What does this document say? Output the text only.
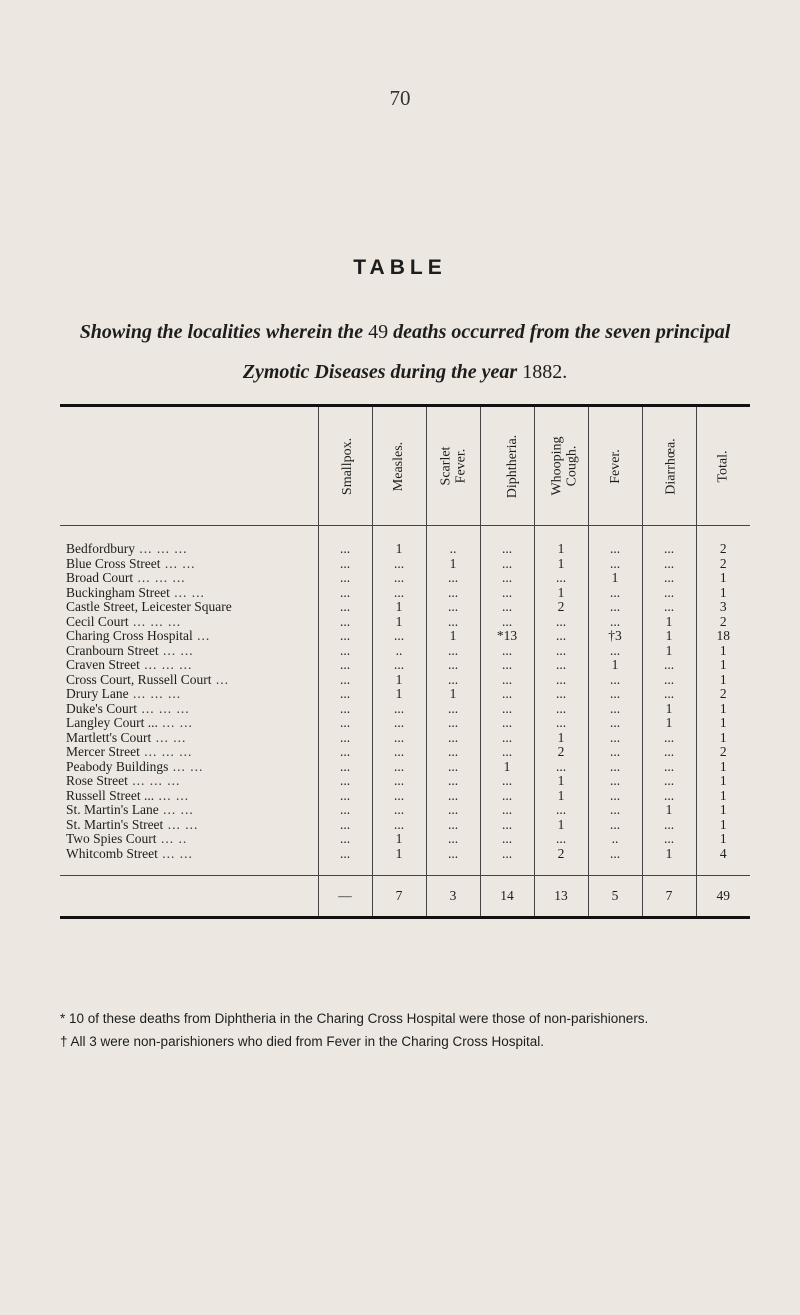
70
TABLE
Showing the localities wherein the 49 deaths occurred from the seven principal Zymotic Diseases during the year 1882.
	Smallpox.	Measles.	Scarlet
Fever.	Diphtheria.	Whooping
Cough.	Fever.	Diarrhœa.	Total.

Bedfordbury ... ... ...	...	1	..	...	1	...	...	2
Blue Cross Street ... ...	...	...	1	...	1	...	...	2
Broad Court ... ... ...	...	...	...	...	...	1	...	1
Buckingham Street ... ...	...	...	...	...	1	...	...	1
Castle Street, Leicester Square	...	1	...	...	2	...	...	3
Cecil Court ... ... ...	...	1	...	...	...	...	1	2
Charing Cross Hospital ...	...	...	1	*13	...	†3	1	18
Cranbourn Street ... ...	...	..	...	...	...	...	1	1
Craven Street ... ... ...	...	...	...	...	...	1	...	1
Cross Court, Russell Court ...	...	1	...	...	...	...	...	1
Drury Lane ... ... ...	...	1	1	...	...	...	...	2
Duke's Court ... ... ...	...	...	...	...	...	...	1	1
Langley Court ... ... ...	...	...	...	...	...	...	1	1
Martlett's Court ... ...	...	...	...	...	1	...	...	1
Mercer Street ... ... ...	...	...	...	...	2	...	...	2
Peabody Buildings ... ...	...	...	...	1	...	...	...	1
Rose Street ... ... ...	...	...	...	...	1	...	...	1
Russell Street ... ... ...	...	...	...	...	1	...	...	1
St. Martin's Lane ... ...	...	...	...	...	...	...	1	1
St. Martin's Street ... ...	...	...	...	...	1	...	...	1
Two Spies Court ... ..	...	1	...	...	...	..	...	1
Whitcomb Street ... ...	...	1	...	...	2	...	1	4

	—	7	3	14	13	5	7	49

* 10 of these deaths from Diphtheria in the Charing Cross Hospital were those of non-parishioners.

† All 3 were non-parishioners who died from Fever in the Charing Cross Hospital.
